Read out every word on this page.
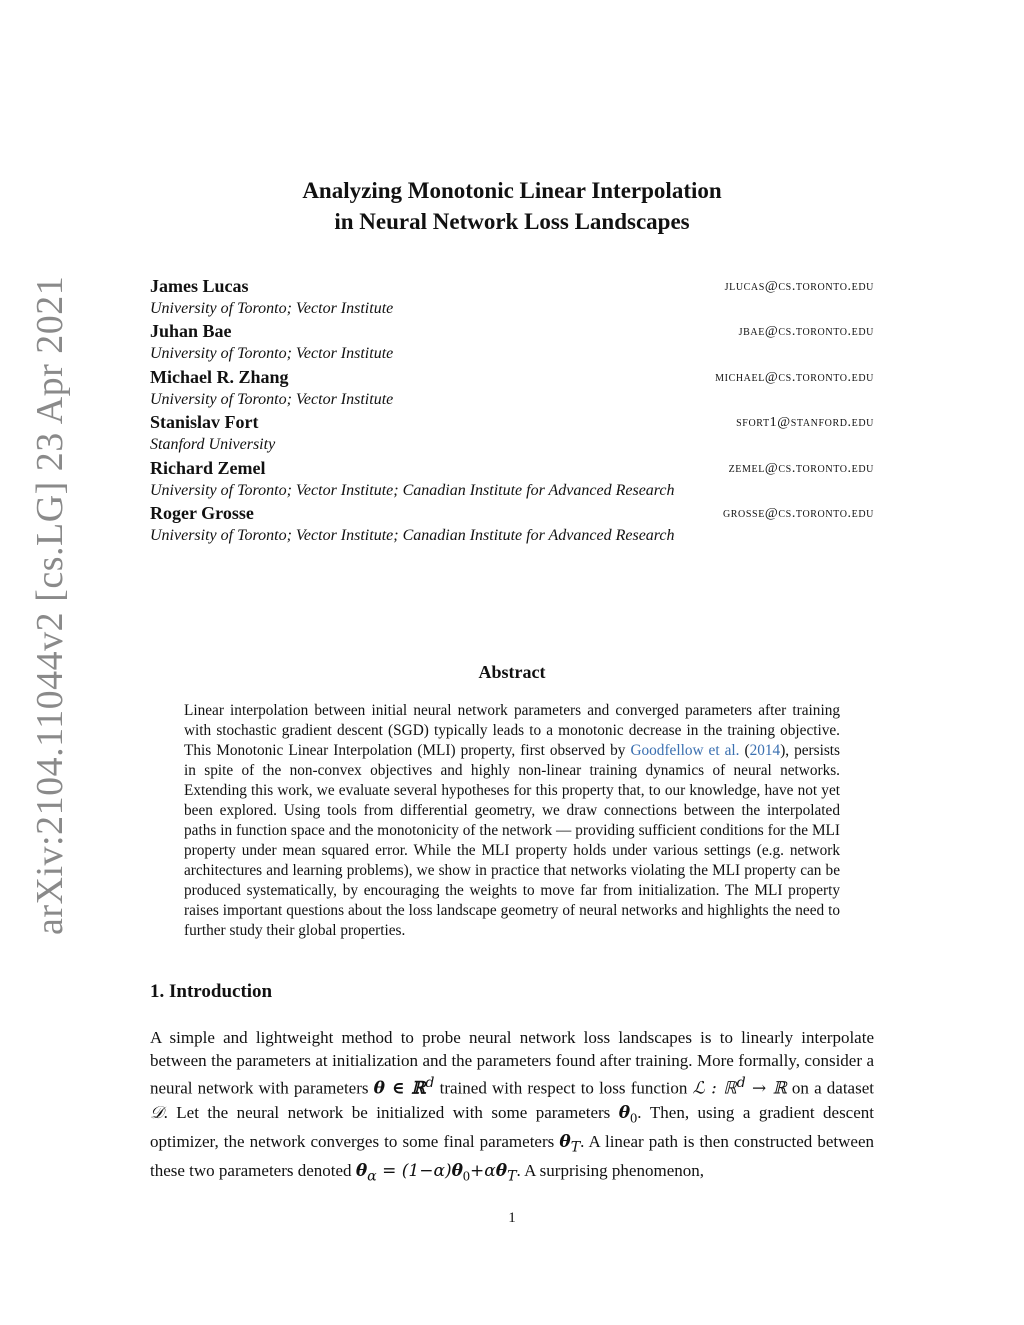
arXiv:2104.11044v2 [cs.LG] 23 Apr 2021
Analyzing Monotonic Linear Interpolation
in Neural Network Loss Landscapes
James Lucas	jlucas@cs.toronto.edu
University of Toronto; Vector Institute
Juhan Bae	jbae@cs.toronto.edu
University of Toronto; Vector Institute
Michael R. Zhang	michael@cs.toronto.edu
University of Toronto; Vector Institute
Stanislav Fort	sfort1@stanford.edu
Stanford University
Richard Zemel	zemel@cs.toronto.edu
University of Toronto; Vector Institute; Canadian Institute for Advanced Research
Roger Grosse	grosse@cs.toronto.edu
University of Toronto; Vector Institute; Canadian Institute for Advanced Research
Abstract
Linear interpolation between initial neural network parameters and converged parameters after training with stochastic gradient descent (SGD) typically leads to a monotonic decrease in the training objective. This Monotonic Linear Interpolation (MLI) property, first observed by Goodfellow et al. (2014), persists in spite of the non-convex objectives and highly non-linear training dynamics of neural networks. Extending this work, we evaluate several hypotheses for this property that, to our knowledge, have not yet been explored. Using tools from differential geometry, we draw connections between the interpolated paths in function space and the monotonicity of the network — providing sufficient conditions for the MLI property under mean squared error. While the MLI property holds under various settings (e.g. network architectures and learning problems), we show in practice that networks violating the MLI property can be produced systematically, by encouraging the weights to move far from initialization. The MLI property raises important questions about the loss landscape geometry of neural networks and highlights the need to further study their global properties.
1. Introduction
A simple and lightweight method to probe neural network loss landscapes is to linearly interpolate between the parameters at initialization and the parameters found after training. More formally, consider a neural network with parameters θ ∈ ℝ$^d$ trained with respect to loss function ℒ : ℝ$^d$ → ℝ on a dataset 𝒟. Let the neural network be initialized with some parameters $\theta_0$. Then, using a gradient descent optimizer, the network converges to some final parameters $\theta_T$. A linear path is then constructed between these two parameters denoted $\theta_\alpha = (1-\alpha)\theta_0+\alpha\theta_T$. A surprising phenomenon,
1
